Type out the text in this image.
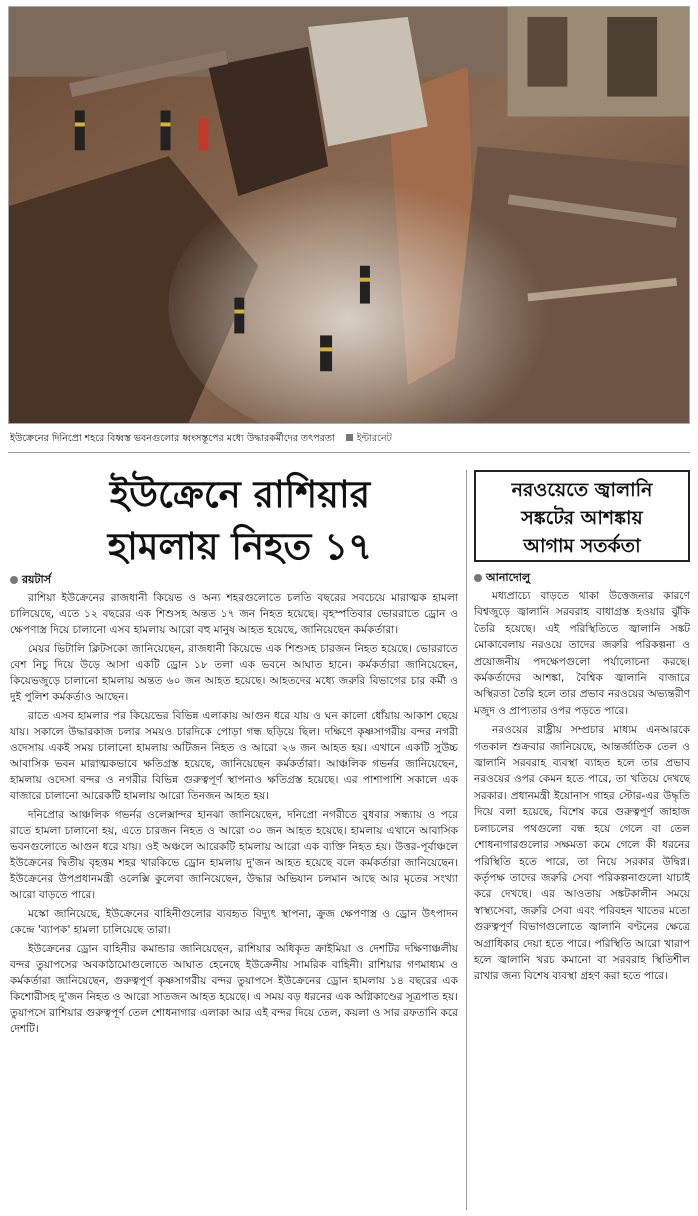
ইউক্রেনের দিনিপ্রো শহরে বিধ্বস্ত ভবনগুলোর ধ্বংসস্তূপের মধ্যে উদ্ধারকর্মীদের তৎপরতা ইন্টারনেট
ইউক্রেনে রাশিয়ার
হামলায় নিহত ১৭
নরওয়েতে জ্বালানি
সঙ্কটের আশঙ্কায়
আগাম সতর্কতা
রয়টার্স

রাশিয়া ইউক্রেনের রাজধানী কিয়েভ ও অন্য শহরগুলোতে চলতি বছরের সবচেয়ে মারাত্মক হামলা চালিয়েছে, এতে ১২ বছরের এক শিশুসহ অন্তত ১৭ জন নিহত হয়েছে। বৃহস্পতিবার ভোররাতে ড্রোন ও ক্ষেপণাস্ত্র দিয়ে চালানো এসব হামলায় আরো বহু মানুষ আহত হয়েছে, জানিয়েছেন কর্মকর্তারা।

মেয়র ভিটালি ক্লিটসকো জানিয়েছেন, রাজধানী কিয়েভে এক শিশুসহ চারজন নিহত হয়েছে। ভোররাতে বেশ নিচু দিয়ে উড়ে আসা একটি ড্রোন ১৮ তলা এক ভবনে আঘাত হানে। কর্মকর্তারা জানিয়েছেন, কিয়েভজুড়ে চালানো হামলায় অন্তত ৬০ জন আহত হয়েছে। আহতদের মধ্যে জরুরি বিভাগের চার কর্মী ও দুই পুলিশ কর্মকর্তাও আছেন।

রাতে এসব হামলার পর কিয়েভের বিভিন্ন এলাকায় আগুন ধরে যায় ও ঘন কালো ধোঁয়ায় আকাশ ছেয়ে যায়। সকালে উদ্ধারকাজ চলার সময়ও চারদিকে পোড়া গন্ধ ছড়িয়ে ছিল। দক্ষিণে কৃষ্ণসাগরীয় বন্দর নগরী ওদেসায় একই সময় চালানো হামলায় অটিজন নিহত ও আরো ২৬ জন আহত হয়। এখানে একটি সুউচ্চ আবাসিক ভবন মারাত্মকভাবে ক্ষতিগ্রস্ত হয়েছে, জানিয়েছেন কর্মকর্তারা। আঞ্চলিক গভর্নর জানিয়েছেন, হামলায় ওদেসা বন্দর ও নগরীর বিভিন্ন গুরুত্বপূর্ণ স্থাপনাও ক্ষতিগ্রস্ত হয়েছে। এর পাশাপাশি সকালে এক বাজারে চালানো আরেকটি হামলায় আরো তিনজন আহত হয়।

দনিপ্রোর আঞ্চলিক গভর্নর ওলেক্সান্দর হানঝা জানিয়েছেন, দনিপ্রো নগরীতে বুধবার সন্ধ্যায় ও পরে রাতে হামলা চালানো হয়, এতে চারজন নিহত ও আরো ৩০ জন আহত হয়েছে। হামলায় এখানে আবাসিক ভবনগুলোতে আগুন ধরে যায়। ওই অঞ্চলে আরেকটি হামলায় আরো এক ব্যক্তি নিহত হয়। উত্তর-পূর্বাঞ্চলে ইউক্রেনের দ্বিতীয় বৃহত্তম শহর খারকিভে ড্রোন হামলায় দু'জন আহত হয়েছে বলে কর্মকর্তারা জানিয়েছেন। ইউক্রেনের উপপ্রধানমন্ত্রী ওলেক্সি কুলেবা জানিয়েছেন, উদ্ধার অভিযান চলমান আছে আর মৃতের সংখ্যা আরো বাড়তে পারে।

মস্কো জানিয়েছে, ইউক্রেনের বাহিনীগুলোর ব্যবহৃত বিদ্যুৎ স্থাপনা, ক্রুজ ক্ষেপণাস্ত্র ও ড্রোন উৎপাদন কেন্দ্রে 'ব্যাপক' হামলা চালিয়েছে তারা।

ইউক্রেনের ড্রোন বাহিনীর কমান্ডার জানিয়েছেন, রাশিয়ার অধিকৃত ক্রাইমিয়া ও দেশটির দক্ষিণাঞ্চলীয় বন্দর তুয়াপসের অবকাঠামোগুলোতে আঘাত হেনেছে ইউক্রেনীয় সামরিক বাহিনী। রাশিয়ার গণমাধ্যম ও কর্মকর্তারা জানিয়েছেন, গুরুত্বপূর্ণ কৃষ্ণসাগরীয় বন্দর তুয়াপসে ইউক্রেনের ড্রোন হামলায় ১৪ বছরের এক কিশোরীসহ দু'জন নিহত ও আরো সাতজন আহত হয়েছে। এ সময় বড় ধরনের এক অগ্নিকাণ্ডের সূত্রপাত হয়। তুয়াপসে রাশিয়ার গুরুত্বপূর্ণ তেল শোধনাগার এলাকা আর এই বন্দর দিয়ে তেল, কয়লা ও সার রফতানি করে দেশটি।

আনাদোলু

মধ্যপ্রাচ্যে বাড়তে থাকা উত্তেজনার কারণে বিশ্বজুড়ে জ্বালানি সরবরাহ বাধাগ্রস্ত হওয়ার ঝুঁকি তৈরি হয়েছে। এই পরিস্থিতিতে জ্বালানি সঙ্কট মোকাবেলায় নরওয়ে তাদের জরুরি পরিকল্পনা ও প্রয়োজনীয় পদক্ষেপগুলো পর্যালোচনা করছে। কর্মকর্তাদের আশঙ্কা, বৈশ্বিক জ্বালানি বাজারে অস্থিরতা তৈরি হলে তার প্রভাব নরওয়ের অভ্যন্তরীণ মজুদ ও প্রাপ্যতার ওপর পড়তে পারে।

নরওয়ের রাষ্ট্রীয় সম্প্রচার মাধ্যম এনআরকে গতকাল শুক্রবার জানিয়েছে, আন্তর্জাতিক তেল ও জ্বালানি সরবরাহ ব্যবস্থা ব্যাহত হলে তার প্রভাব নরওয়ের ওপর কেমন হতে পারে, তা খতিয়ে দেখছে সরকার। প্রধানমন্ত্রী ইয়োনাস গাহর স্টোর-এর উদ্ধৃতি দিয়ে বলা হয়েছে, বিশেষ করে গুরুত্বপূর্ণ জাহাজ চলাচলের পথগুলো বন্ধ হয়ে গেলে বা তেল শোধনাগারগুলোর সক্ষমতা কমে গেলে কী ধরনের পরিস্থিতি হতে পারে, তা নিয়ে সরকার উদ্বিগ্ন। কর্তৃপক্ষ তাদের জরুরি সেবা পরিকল্পনাগুলো যাচাই করে দেখছে। এর আওতায় সঙ্কটকালীন সময়ে স্বাস্থ্যসেবা, জরুরি সেবা এবং পরিবহন খাতের মতো গুরুত্বপূর্ণ বিভাগগুলোতে জ্বালানি বণ্টনের ক্ষেত্রে অগ্রাধিকার দেয়া হতে পারে। পরিস্থিতি আরো খারাপ হলে জ্বালানি খরচ কমানো বা সরবরাহ স্থিতিশীল রাখার জন্য বিশেষ ব্যবস্থা গ্রহণ করা হতে পারে।
